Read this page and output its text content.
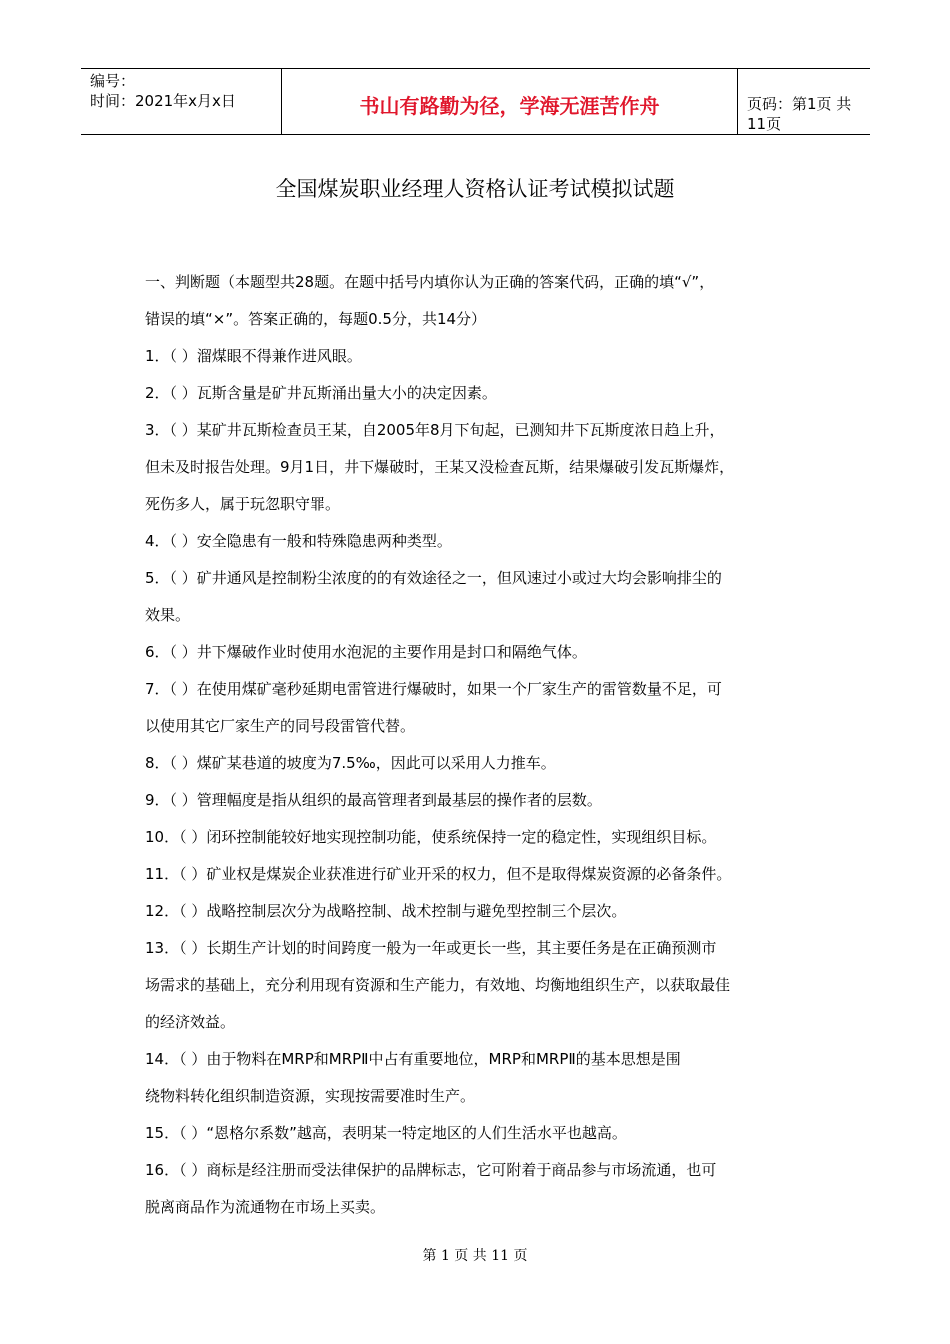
编号：
时间：2021年x月x日	书山有路勤为径，学海无涯苦作舟	页码：第1页 共11页
全国煤炭职业经理人资格认证考试模拟试题

一、判断题（本题型共28题。在题中括号内填你认为正确的答案代码，正确的填“√”，

错误的填“×”。答案正确的，每题0.5分，共14分）

1．（ ）溜煤眼不得兼作进风眼。

2．（ ）瓦斯含量是矿井瓦斯涌出量大小的决定因素。

3．（ ）某矿井瓦斯检查员王某，自2005年8月下旬起，已测知井下瓦斯度浓日趋上升，

但未及时报告处理。9月1日，井下爆破时，王某又没检查瓦斯，结果爆破引发瓦斯爆炸，

死伤多人，属于玩忽职守罪。

4．（ ）安全隐患有一般和特殊隐患两种类型。

5．（ ）矿井通风是控制粉尘浓度的的有效途径之一，但风速过小或过大均会影响排尘的

效果。

6．（ ）井下爆破作业时使用水泡泥的主要作用是封口和隔绝气体。

7．（ ）在使用煤矿毫秒延期电雷管进行爆破时，如果一个厂家生产的雷管数量不足，可

以使用其它厂家生产的同号段雷管代替。

8．（ ）煤矿某巷道的坡度为7.5‰，因此可以采用人力推车。

9．（ ）管理幅度是指从组织的最高管理者到最基层的操作者的层数。

10．（ ）闭环控制能较好地实现控制功能，使系统保持一定的稳定性，实现组织目标。

11．（ ）矿业权是煤炭企业获准进行矿业开采的权力，但不是取得煤炭资源的必备条件。

12．（ ）战略控制层次分为战略控制、战术控制与避免型控制三个层次。

13．（ ）长期生产计划的时间跨度一般为一年或更长一些，其主要任务是在正确预测市

场需求的基础上，充分利用现有资源和生产能力，有效地、均衡地组织生产，以获取最佳

的经济效益。

14．（ ）由于物料在MRP和MRPⅡ中占有重要地位，MRP和MRPⅡ的基本思想是围

绕物料转化组织制造资源，实现按需要准时生产。

15．（ ）“恩格尔系数”越高，表明某一特定地区的人们生活水平也越高。

16．（ ）商标是经注册而受法律保护的品牌标志，它可附着于商品参与市场流通，也可

脱离商品作为流通物在市场上买卖。

第 1 页 共 11 页
